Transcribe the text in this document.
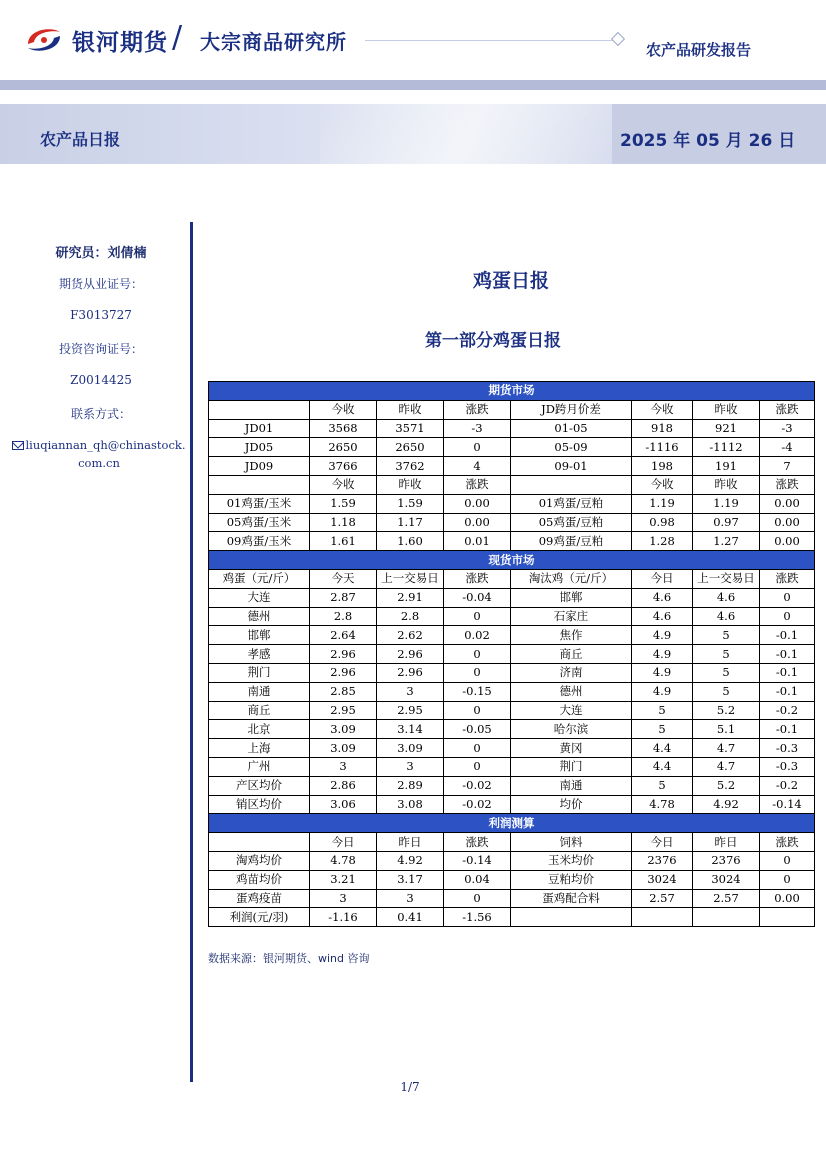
银河期货 / 大宗商品研究所	农产品研发报告
农产品日报	2025 年 05 月 26 日
研究员：刘倩楠
期货从业证号：
F3013727
投资咨询证号：
Z0014425
联系方式：
liuqiannan_qh@chinastock.
com.cn
鸡蛋日报
第一部分鸡蛋日报
期货市场							
	今收	昨收	涨跌	JD跨月价差	今收	昨收	涨跌
JD01	3568	3571	-3	01-05	918	921	-3
JD05	2650	2650	0	05-09	-1116	-1112	-4
JD09	3766	3762	4	09-01	198	191	7
	今收	昨收	涨跌		今收	昨收	涨跌
01鸡蛋/玉米	1.59	1.59	0.00	01鸡蛋/豆粕	1.19	1.19	0.00
05鸡蛋/玉米	1.18	1.17	0.00	05鸡蛋/豆粕	0.98	0.97	0.00
09鸡蛋/玉米	1.61	1.60	0.01	09鸡蛋/豆粕	1.28	1.27	0.00
现货市场							
鸡蛋（元/斤）	今天	上一交易日	涨跌	淘汰鸡（元/斤）	今日	上一交易日	涨跌
大连	2.87	2.91	-0.04	邯郸	4.6	4.6	0
德州	2.8	2.8	0	石家庄	4.6	4.6	0
邯郸	2.64	2.62	0.02	焦作	4.9	5	-0.1
孝感	2.96	2.96	0	商丘	4.9	5	-0.1
荆门	2.96	2.96	0	济南	4.9	5	-0.1
南通	2.85	3	-0.15	德州	4.9	5	-0.1
商丘	2.95	2.95	0	大连	5	5.2	-0.2
北京	3.09	3.14	-0.05	哈尔滨	5	5.1	-0.1
上海	3.09	3.09	0	黄冈	4.4	4.7	-0.3
广州	3	3	0	荆门	4.4	4.7	-0.3
产区均价	2.86	2.89	-0.02	南通	5	5.2	-0.2
销区均价	3.06	3.08	-0.02	均价	4.78	4.92	-0.14
利润测算							
	今日	昨日	涨跌	饲料	今日	昨日	涨跌
淘鸡均价	4.78	4.92	-0.14	玉米均价	2376	2376	0
鸡苗均价	3.21	3.17	0.04	豆粕均价	3024	3024	0
蛋鸡疫苗	3	3	0	蛋鸡配合料	2.57	2.57	0.00
利润(元/羽)	-1.16	0.41	-1.56				
数据来源：银河期货、wind 咨询
1/7
